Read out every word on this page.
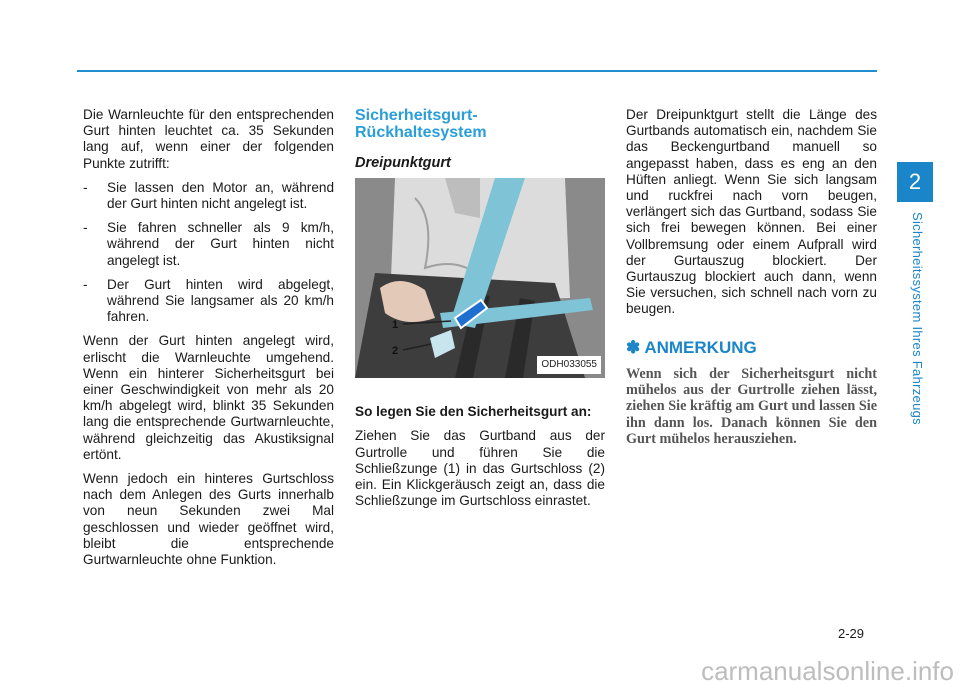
2
Sicherheitssystem Ihres Fahrzeugs

Die Warnleuchte für den entsprechenden Gurt hinten leuchtet ca. 35 Sekunden lang auf, wenn einer der folgenden Punkte zutrifft:

- Sie lassen den Motor an, während der Gurt hinten nicht angelegt ist.
- Sie fahren schneller als 9 km/h, während der Gurt hinten nicht angelegt ist.
- Der Gurt hinten wird abgelegt, während Sie langsamer als 20 km/h fahren.

Wenn der Gurt hinten angelegt wird, erlischt die Warnleuchte umgehend. Wenn ein hinterer Sicherheitsgurt bei einer Geschwindigkeit von mehr als 20 km/h abgelegt wird, blinkt 35 Sekunden lang die entsprechende Gurtwarnleuchte, während gleichzeitig das Akustiksignal ertönt.

Wenn jedoch ein hinteres Gurtschloss nach dem Anlegen des Gurts innerhalb von neun Sekunden zwei Mal geschlossen und wieder geöffnet wird, bleibt die entsprechende Gurtwarnleuchte ohne Funktion.

Sicherheitsgurt-
Rückhaltesystem
Dreipunktgurt
1
2
ODH033055

So legen Sie den Sicherheitsgurt an:

Ziehen Sie das Gurtband aus der Gurtrolle und führen Sie die Schließzunge (1) in das Gurtschloss (2) ein. Ein Klickgeräusch zeigt an, dass die Schließzunge im Gurtschloss einrastet.

Der Dreipunktgurt stellt die Länge des Gurtbands automatisch ein, nachdem Sie das Beckengurtband manuell so angepasst haben, dass es eng an den Hüften anliegt. Wenn Sie sich langsam und ruckfrei nach vorn beugen, verlängert sich das Gurtband, sodass Sie sich frei bewegen können. Bei einer Vollbremsung oder einem Aufprall wird der Gurtauszug blockiert. Der Gurtauszug blockiert auch dann, wenn Sie versuchen, sich schnell nach vorn zu beugen.

✽ ANMERKUNG

Wenn sich der Sicherheitsgurt nicht mühelos aus der Gurtrolle ziehen lässt, ziehen Sie kräftig am Gurt und lassen Sie ihn dann los. Danach können Sie den Gurt mühelos herausziehen.

2-29
carmanualsonline.info
